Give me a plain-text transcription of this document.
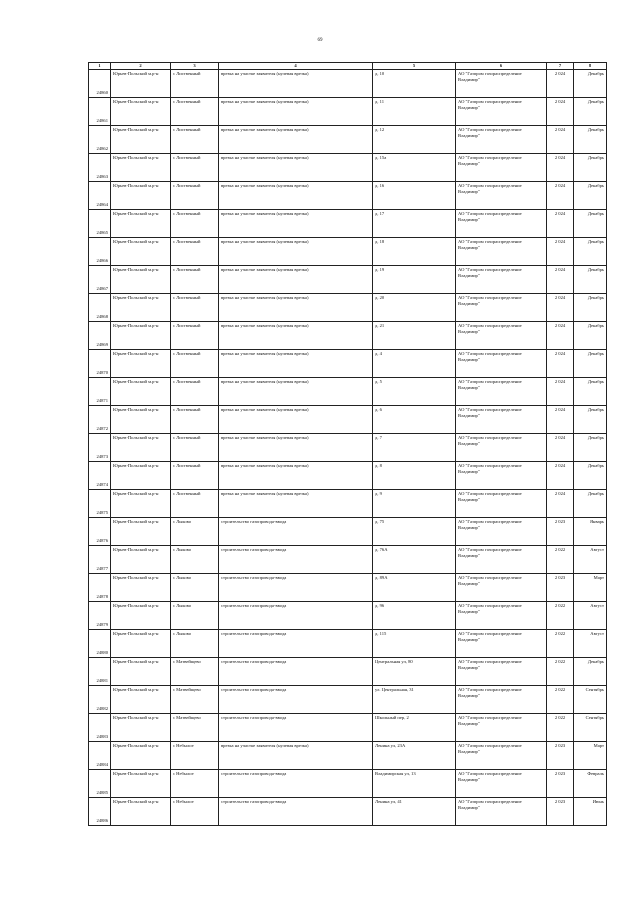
69
1	2	3	4	5	6	7	8
24860	Юрьев-Польский м.р-н	с Лиственный	врезка на участке заявителя (нулевая врезка)	д. 10	АО "Газпром газораспределение Владимир"	2 024	Декабрь
24861	Юрьев-Польский м.р-н	с Лиственный	врезка на участке заявителя (нулевая врезка)	д. 11	АО "Газпром газораспределение Владимир"	2 024	Декабрь
24862	Юрьев-Польский м.р-н	с Лиственный	врезка на участке заявителя (нулевая врезка)	д. 12	АО "Газпром газораспределение Владимир"	2 024	Декабрь
24863	Юрьев-Польский м.р-н	с Лиственный	врезка на участке заявителя (нулевая врезка)	д. 15а	АО "Газпром газораспределение Владимир"	2 024	Декабрь
24864	Юрьев-Польский м.р-н	с Лиственный	врезка на участке заявителя (нулевая врезка)	д. 16	АО "Газпром газораспределение Владимир"	2 024	Декабрь
24865	Юрьев-Польский м.р-н	с Лиственный	врезка на участке заявителя (нулевая врезка)	д. 17	АО "Газпром газораспределение Владимир"	2 024	Декабрь
24866	Юрьев-Польский м.р-н	с Лиственный	врезка на участке заявителя (нулевая врезка)	д. 18	АО "Газпром газораспределение Владимир"	2 024	Декабрь
24867	Юрьев-Польский м.р-н	с Лиственный	врезка на участке заявителя (нулевая врезка)	д. 19	АО "Газпром газораспределение Владимир"	2 024	Декабрь
24868	Юрьев-Польский м.р-н	с Лиственный	врезка на участке заявителя (нулевая врезка)	д. 20	АО "Газпром газораспределение Владимир"	2 024	Декабрь
24869	Юрьев-Польский м.р-н	с Лиственный	врезка на участке заявителя (нулевая врезка)	д. 21	АО "Газпром газораспределение Владимир"	2 024	Декабрь
24870	Юрьев-Польский м.р-н	с Лиственный	врезка на участке заявителя (нулевая врезка)	д. 4	АО "Газпром газораспределение Владимир"	2 024	Декабрь
24871	Юрьев-Польский м.р-н	с Лиственный	врезка на участке заявителя (нулевая врезка)	д. 5	АО "Газпром газораспределение Владимир"	2 024	Декабрь
24872	Юрьев-Польский м.р-н	с Лиственный	врезка на участке заявителя (нулевая врезка)	д. 6	АО "Газпром газораспределение Владимир"	2 024	Декабрь
24873	Юрьев-Польский м.р-н	с Лиственный	врезка на участке заявителя (нулевая врезка)	д. 7	АО "Газпром газораспределение Владимир"	2 024	Декабрь
24874	Юрьев-Польский м.р-н	с Лиственный	врезка на участке заявителя (нулевая врезка)	д. 8	АО "Газпром газораспределение Владимир"	2 024	Декабрь
24875	Юрьев-Польский м.р-н	с Лиственный	врезка на участке заявителя (нулевая врезка)	д. 9	АО "Газпром газораспределение Владимир"	2 024	Декабрь
24876	Юрьев-Польский м.р-н	с Лыково	строительство газопровода-ввода	д. 75	АО "Газпром газораспределение Владимир"	2 023	Январь
24877	Юрьев-Польский м.р-н	с Лыково	строительство газопровода-ввода	д. 76А	АО "Газпром газораспределение Владимир"	2 022	Август
24878	Юрьев-Польский м.р-н	с Лыково	строительство газопровода-ввода	д. 89А	АО "Газпром газораспределение Владимир"	2 023	Март
24879	Юрьев-Польский м.р-н	с Лыково	строительство газопровода-ввода	д. 96	АО "Газпром газораспределение Владимир"	2 022	Август
24880	Юрьев-Польский м.р-н	с Лыково	строительство газопровода-ввода	д. 115	АО "Газпром газораспределение Владимир"	2 022	Август
24881	Юрьев-Польский м.р-н	с Матвейщево	строительство газопровода-ввода	Центральная ул, 80	АО "Газпром газораспределение Владимир"	2 022	Декабрь
24882	Юрьев-Польский м.р-н	с Матвейщево	строительство газопровода-ввода	ул. Центральная, 31	АО "Газпром газораспределение Владимир"	2 022	Сентябрь
24883	Юрьев-Польский м.р-н	с Матвейщево	строительство газопровода-ввода	Школьный пер, 2	АО "Газпром газораспределение Владимир"	2 022	Сентябрь
24884	Юрьев-Польский м.р-н	с Небылое	врезка на участке заявителя (нулевая врезка)	Ленина ул, 23А	АО "Газпром газораспределение Владимир"	2 023	Март
24885	Юрьев-Польский м.р-н	с Небылое	строительство газопровода-ввода	Владимирская ул, 13	АО "Газпром газораспределение Владимир"	2 023	Февраль
24886	Юрьев-Польский м.р-н	с Небылое	строительство газопровода-ввода	Ленина ул, 41	АО "Газпром газораспределение Владимир"	2 023	Июнь
